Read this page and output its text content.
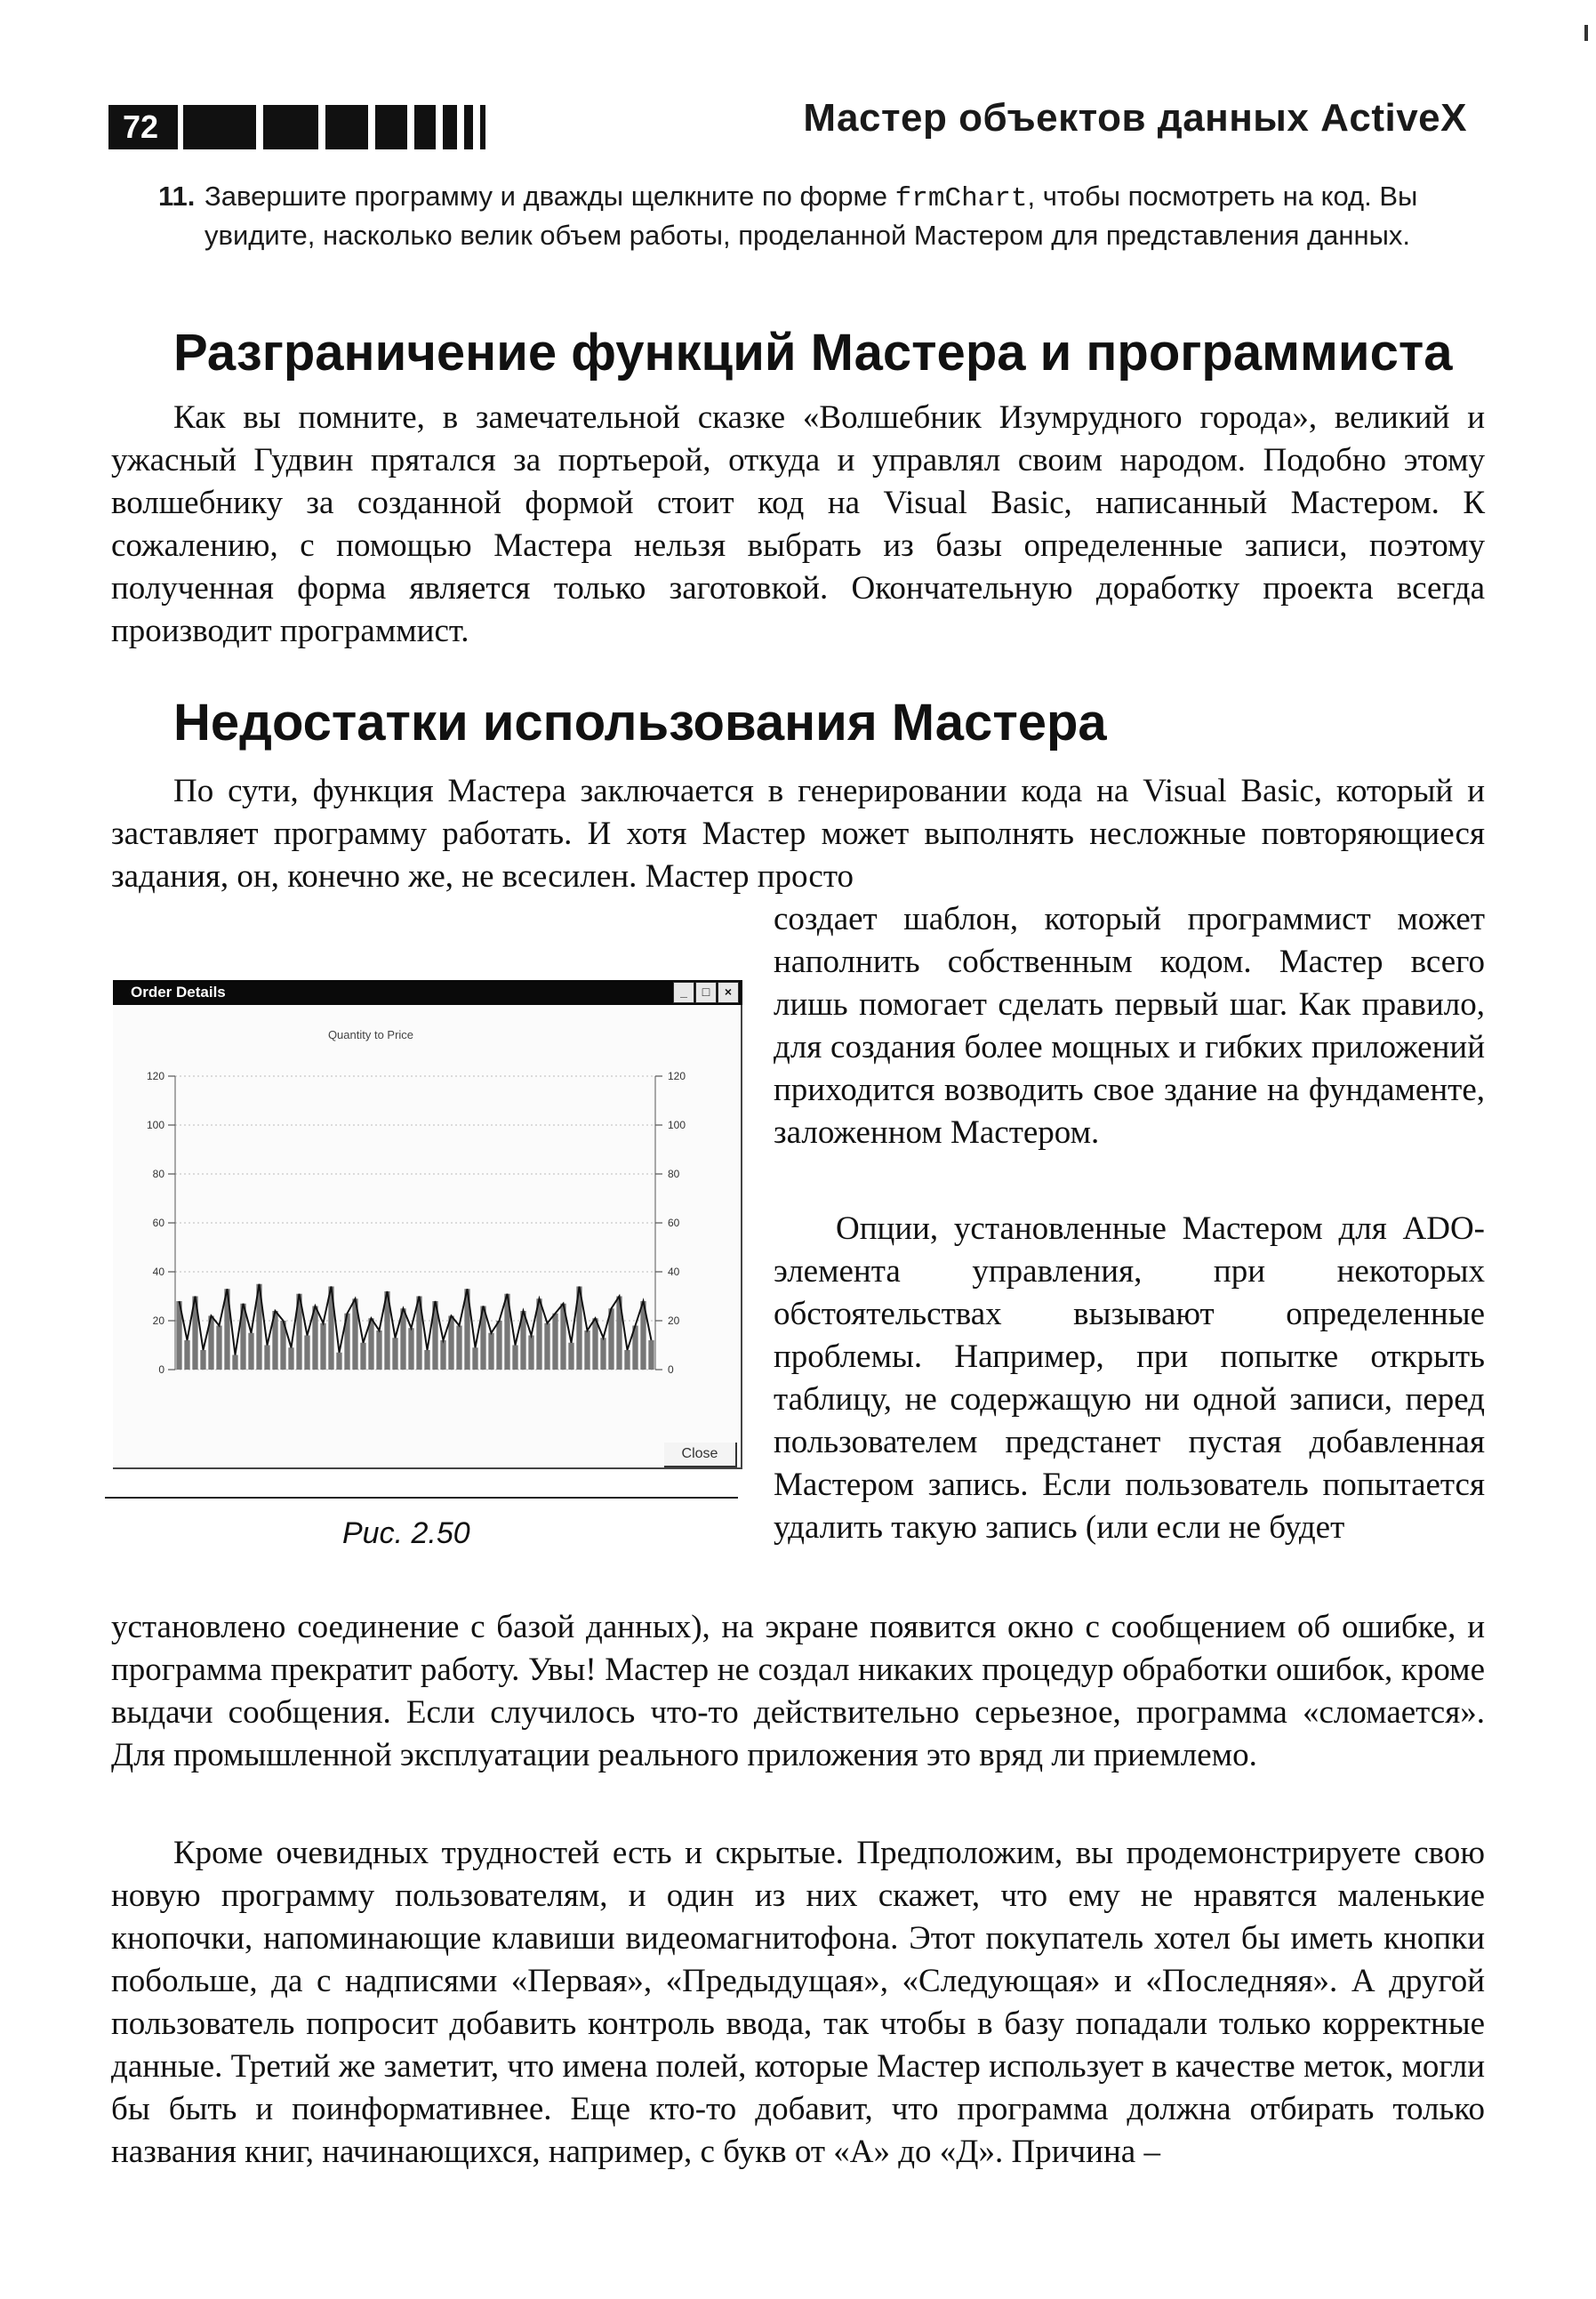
72	Мастер объектов данных ActiveX
11. Завершите программу и дважды щелкните по форме frmChart, чтобы посмотреть на код. Вы увидите, насколько велик объем работы, проделанной Мастером для представления данных.
Разграничение функций Мастера и программиста
Как вы помните, в замечательной сказке «Волшебник Изумрудного города», великий и ужасный Гудвин прятался за портьерой, откуда и управлял своим народом. Подобно этому волшебнику за созданной формой стоит код на Visual Basic, написанный Мастером. К сожалению, с помощью Мастера нельзя выбрать из базы определенные записи, поэтому полученная форма является только заготовкой. Окончательную доработку проекта всегда производит программист.
Недостатки использования Мастера
По сути, функция Мастера заключается в генерировании кода на Visual Basic, который и заставляет программу работать. И хотя Мастер может выполнять несложные повторяющиеся задания, он, конечно же, не всесилен. Мастер просто
создает шаблон, который программист может наполнить собственным кодом. Мастер всего лишь помогает сделать первый шаг. Как правило, для создания более мощных и гибких приложений приходится возводить свое здание на фундаменте, заложенном Мастером.
Опции, установленные Мастером для ADO-элемента управления, при некоторых обстоятельствах вызывают определенные проблемы. Например, при попытке открыть таблицу, не содержащую ни одной записи, перед пользователем предстанет пустая добавленная Мастером запись. Если пользователь попытается удалить такую запись (или если не будет
Order Details	_	□	×
Quantity to Price
120
100
80
60
40
20
0
120
100
80
60
40
20
0
Close
Рис. 2.50
установлено соединение с базой данных), на экране появится окно с сообщением об ошибке, и программа прекратит работу. Увы! Мастер не создал никаких процедур обработки ошибок, кроме выдачи сообщения. Если случилось что-то действительно серьезное, программа «сломается». Для промышленной эксплуатации реального приложения это вряд ли приемлемо.
Кроме очевидных трудностей есть и скрытые. Предположим, вы продемонстрируете свою новую программу пользователям, и один из них скажет, что ему не нравятся маленькие кнопочки, напоминающие клавиши видеомагнитофона. Этот покупатель хотел бы иметь кнопки побольше, да с надписями «Первая», «Предыдущая», «Следующая» и «Последняя». А другой пользователь попросит добавить контроль ввода, так чтобы в базу попадали только корректные данные. Третий же заметит, что имена полей, которые Мастер использует в качестве меток, могли бы быть и поинформативнее. Еще кто-то добавит, что программа должна отбирать только названия книг, начинающихся, например, с букв от «А» до «Д». Причина –
